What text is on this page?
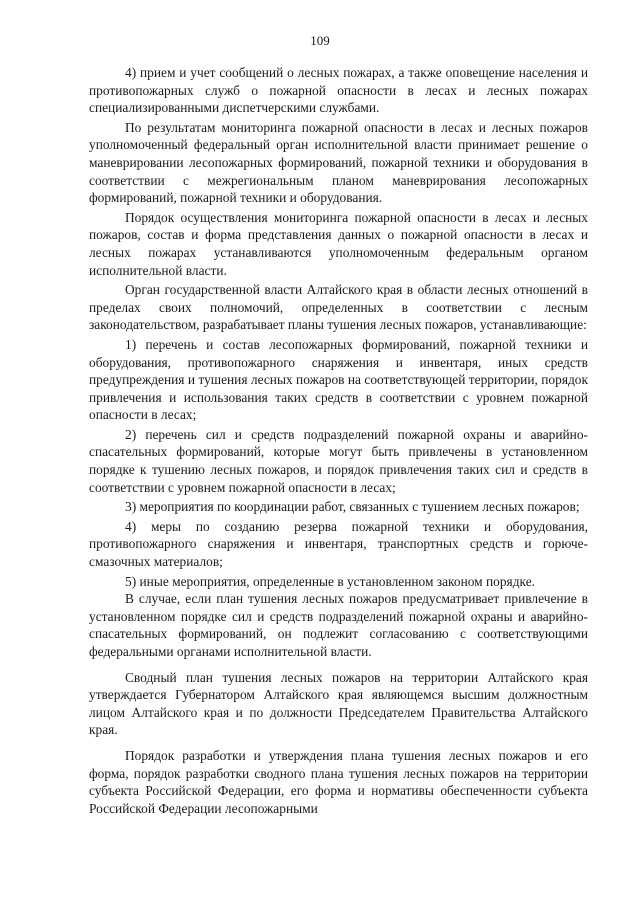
109

4) прием и учет сообщений о лесных пожарах, а также оповещение населения и противопожарных служб о пожарной опасности в лесах и лесных пожарах специализированными диспетчерскими службами.

По результатам мониторинга пожарной опасности в лесах и лесных пожаров уполномоченный федеральный орган исполнительной власти принимает решение о маневрировании лесопожарных формирований, пожарной техники и оборудования в соответствии с межрегиональным планом маневрирования лесопожарных формирований, пожарной техники и оборудования.

Порядок осуществления мониторинга пожарной опасности в лесах и лесных пожаров, состав и форма представления данных о пожарной опасности в лесах и лесных пожарах устанавливаются уполномоченным федеральным органом исполнительной власти.

Орган государственной власти Алтайского края в области лесных отношений в пределах своих полномочий, определенных в соответствии с лесным законодательством, разрабатывает планы тушения лесных пожаров, устанавливающие:

1) перечень и состав лесопожарных формирований, пожарной техники и оборудования, противопожарного снаряжения и инвентаря, иных средств предупреждения и тушения лесных пожаров на соответствующей территории, порядок привлечения и использования таких средств в соответствии с уровнем пожарной опасности в лесах;

2) перечень сил и средств подразделений пожарной охраны и аварийно-спасательных формирований, которые могут быть привлечены в установленном порядке к тушению лесных пожаров, и порядок привлечения таких сил и средств в соответствии с уровнем пожарной опасности в лесах;

3) мероприятия по координации работ, связанных с тушением лесных пожаров;

4) меры по созданию резерва пожарной техники и оборудования, противопожарного снаряжения и инвентаря, транспортных средств и горюче-смазочных материалов;

5) иные мероприятия, определенные в установленном законом порядке.

В случае, если план тушения лесных пожаров предусматривает привлечение в установленном порядке сил и средств подразделений пожарной охраны и аварийно-спасательных формирований, он подлежит согласованию с соответствующими федеральными органами исполнительной власти.

Сводный план тушения лесных пожаров на территории Алтайского края утверждается Губернатором Алтайского края являющемся высшим должностным лицом Алтайского края и по должности Председателем Правительства Алтайского края.

Порядок разработки и утверждения плана тушения лесных пожаров и его форма, порядок разработки сводного плана тушения лесных пожаров на территории субъекта Российской Федерации, его форма и нормативы обеспеченности субъекта Российской Федерации лесопожарными
